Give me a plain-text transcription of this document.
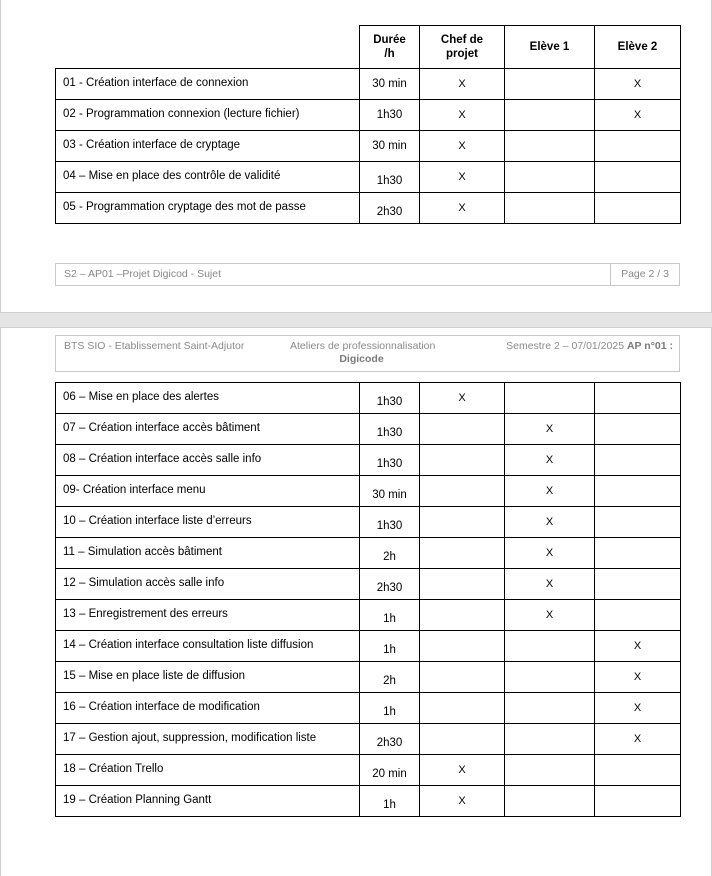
	Durée
/h	Chef de
projet	Elève 1	Elève 2
01 - Création interface de connexion	30 min	X		X
02 - Programmation connexion (lecture fichier)	1h30	X		X
03 - Création interface de cryptage	30 min	X		
04 – Mise en place des contrôle de validité	1h30	X		
05 - Programmation cryptage des mot de passe	2h30	X		
S2 – AP01 –Projet Digicod - Sujet	Page 2 / 3
BTS SIO - Etablissement Saint-Adjutor	Ateliers de professionnalisation	Semestre 2 – 07/01/2025 AP n°01 :
Digicode
06 – Mise en place des alertes	1h30	X		
07 – Création interface accès bâtiment	1h30		X	
08 – Création interface accès salle info	1h30		X	
09- Création interface menu	30 min		X	
10 – Création interface liste d’erreurs	1h30		X	
11 – Simulation accès bâtiment	2h		X	
12 – Simulation accès salle info	2h30		X	
13 – Enregistrement des erreurs	1h		X	
14 – Création interface consultation liste diffusion	1h			X
15 – Mise en place liste de diffusion	2h			X
16 – Création interface de modification	1h			X
17 – Gestion ajout, suppression, modification liste	2h30			X
18 – Création Trello	20 min	X		
19 – Création Planning Gantt	1h	X		
